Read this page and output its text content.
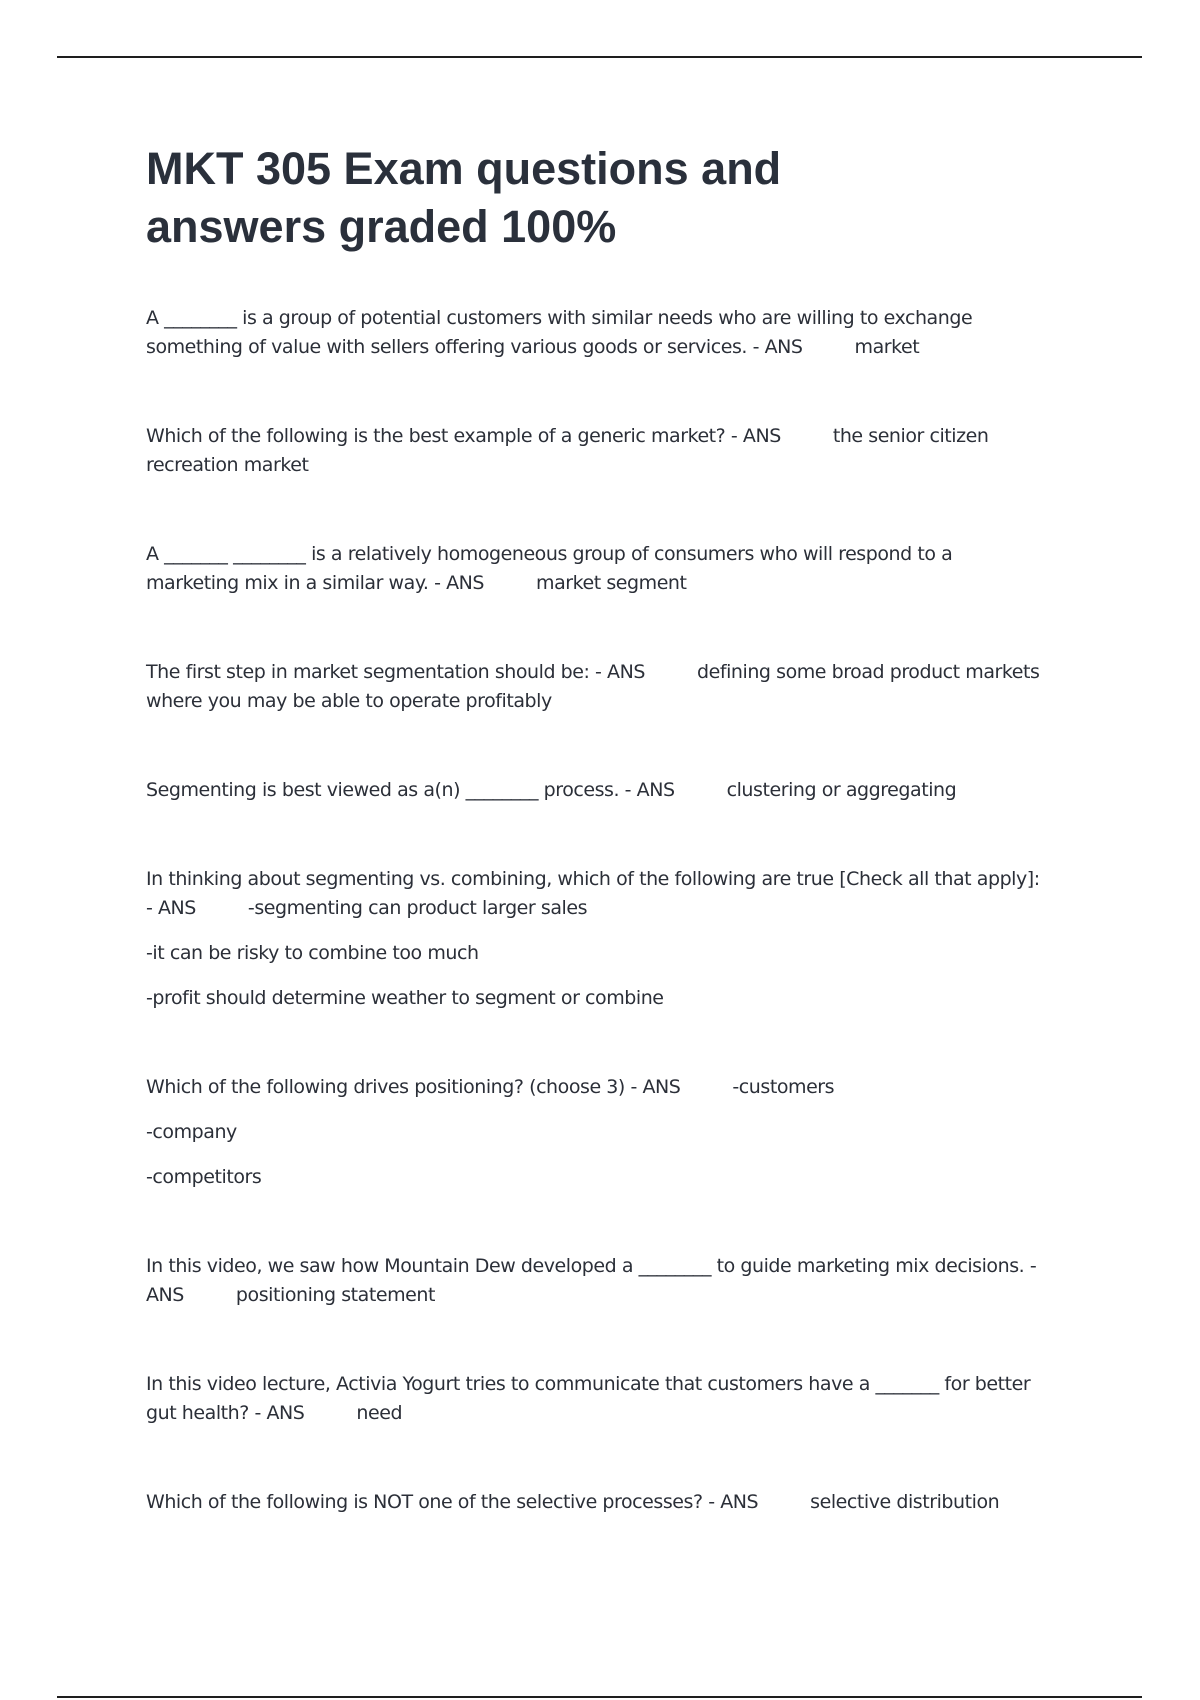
MKT 305 Exam questions and
answers graded 100%

A ________ is a group of potential customers with similar needs who are willing to exchange something of value with sellers offering various goods or services. - ANS	market

Which of the following is the best example of a generic market? - ANS	the senior citizen recreation market

A _______ ________ is a relatively homogeneous group of consumers who will respond to a marketing mix in a similar way. - ANS	market segment

The first step in market segmentation should be: - ANS	defining some broad product markets where you may be able to operate profitably

Segmenting is best viewed as a(n) ________ process. - ANS	clustering or aggregating

In thinking about segmenting vs. combining, which of the following are true [Check all that apply]: - ANS	-segmenting can product larger sales

-it can be risky to combine too much

-profit should determine weather to segment or combine

Which of the following drives positioning? (choose 3) - ANS	-customers

-company

-competitors

In this video, we saw how Mountain Dew developed a ________ to guide marketing mix decisions. - ANS	positioning statement

In this video lecture, Activia Yogurt tries to communicate that customers have a _______ for better gut health? - ANS	need

Which of the following is NOT one of the selective processes? - ANS	selective distribution
